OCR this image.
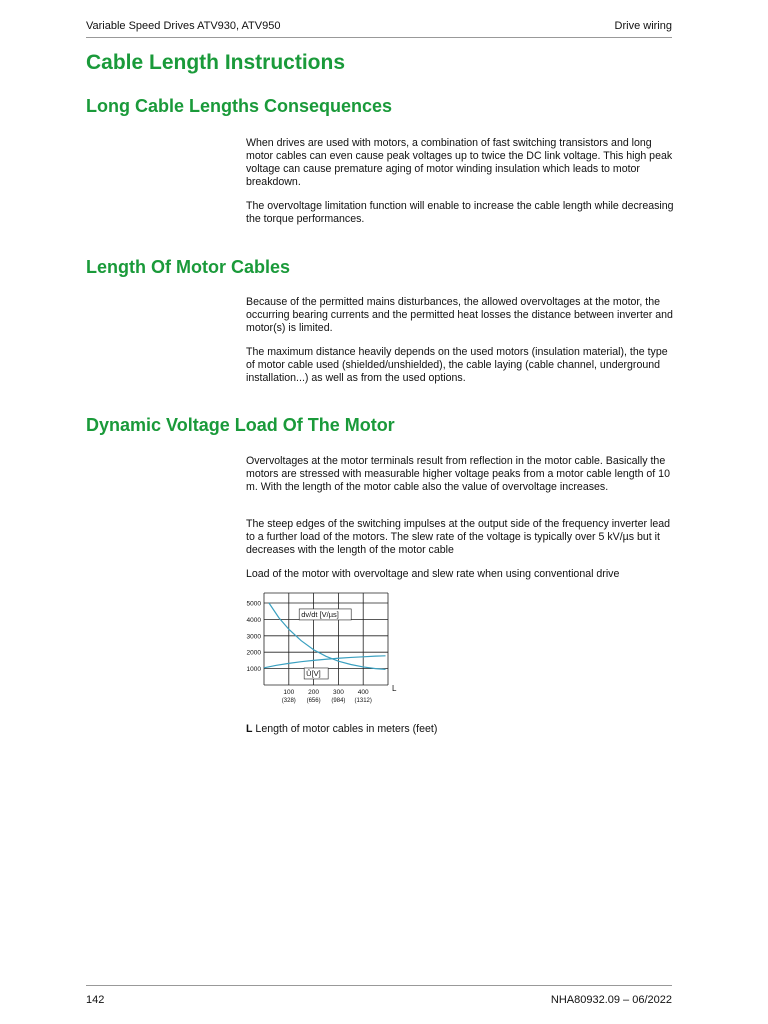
Variable Speed Drives ATV930, ATV950	Drive wiring
Cable Length Instructions
Long Cable Lengths Consequences

When drives are used with motors, a combination of fast switching transistors and long motor cables can even cause peak voltages up to twice the DC link voltage. This high peak voltage can cause premature aging of motor winding insulation which leads to motor breakdown.

The overvoltage limitation function will enable to increase the cable length while decreasing the torque performances.

Length Of Motor Cables

Because of the permitted mains disturbances, the allowed overvoltages at the motor, the occurring bearing currents and the permitted heat losses the distance between inverter and motor(s) is limited.

The maximum distance heavily depends on the used motors (insulation material), the type of motor cable used (shielded/unshielded), the cable laying (cable channel, underground installation...) as well as from the used options.

Dynamic Voltage Load Of The Motor

Overvoltages at the motor terminals result from reflection in the motor cable. Basically the motors are stressed with measurable higher voltage peaks from a motor cable length of 10 m. With the length of the motor cable also the value of overvoltage increases.

The steep edges of the switching impulses at the output side of the frequency inverter lead to a further load of the motors. The slew rate of the voltage is typically over 5 kV/µs but it decreases with the length of the motor cable

Load of the motor with overvoltage and slew rate when using conventional drive

5000
4000
3000
2000
1000
100
(328)
200
(656)
300
(984)
400
(1312)
L
dv/dt [V/µs]
Û[V]
L Length of motor cables in meters (feet)
142	NHA80932.09 – 06/2022
